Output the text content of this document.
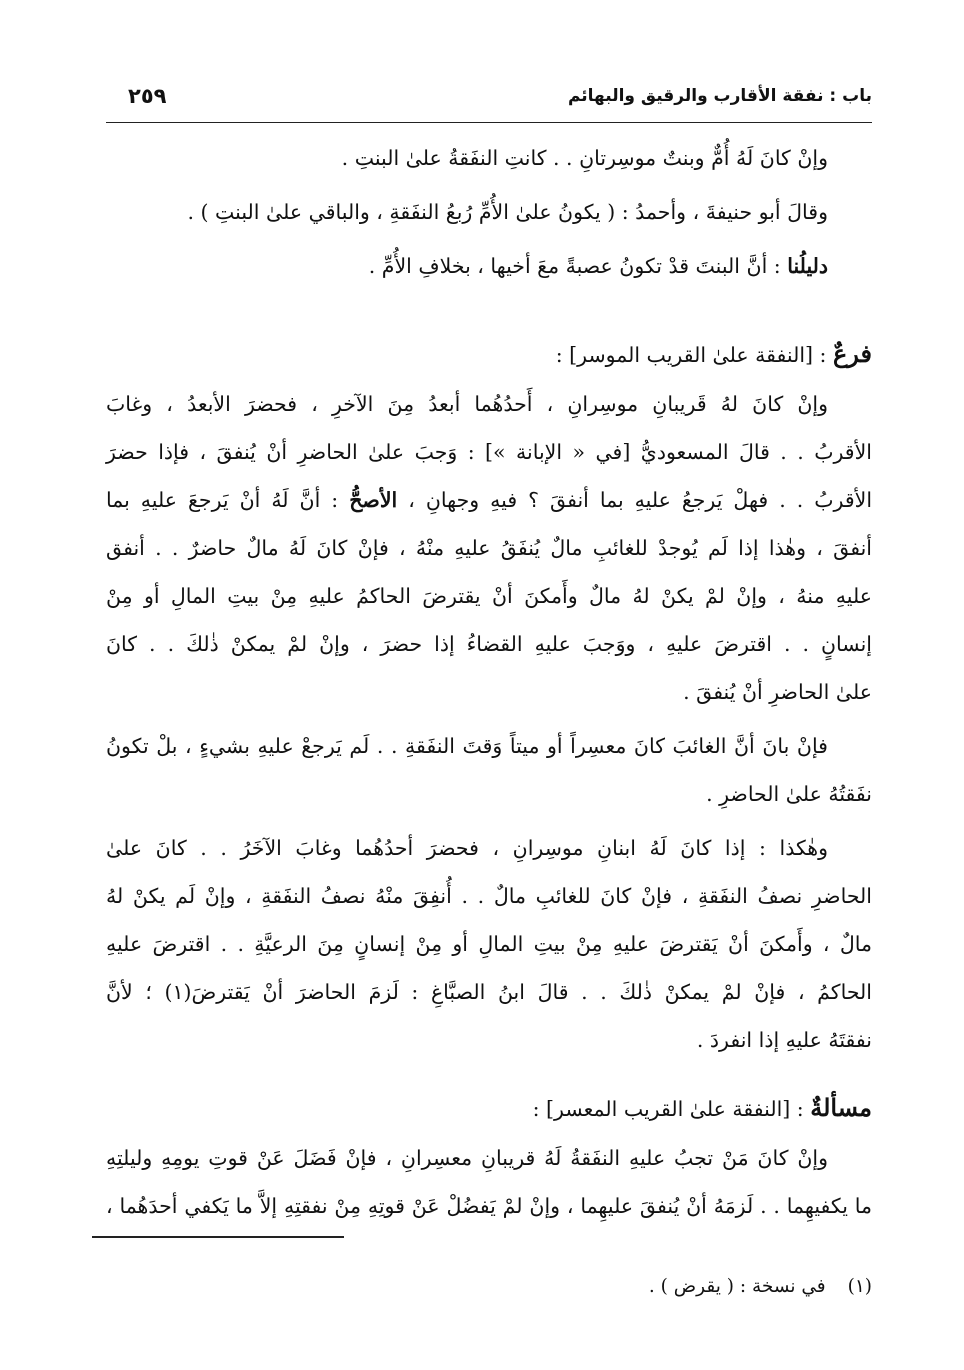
باب : نفقة الأقارب والرقيق والبهائم
٢٥٩
وإنْ كانَ لَهُ أُمٌّ وبنتٌ موسِرتانِ . . كانتِ النفَقةُ علىٰ البنتِ .
وقالَ أبو حنيفةَ ، وأحمدُ : ( يكونُ علىٰ الأُمِّ رُبعُ النفَقةِ ، والباقي علىٰ البنتِ ) .
دليلُنا : أنَّ البنتَ قدْ تكونُ عصبةً معَ أخيها ، بخلافِ الأُمِّ .
فرعٌ : [النفقة علىٰ القريب الموسر] :
وإنْ كانَ لهُ قَريبانِ موسِرانِ ، أَحدُهُما أبعدُ مِنَ الآخرِ ، فحضرَ الأبعدُ ، وغابَ
الأقربُ . . قالَ المسعوديُّ [في « الإبانة »] : وَجبَ علىٰ الحاضرِ أنْ يُنفقَ ، فإذا حضرَ
الأقربُ . . فهلْ يَرجعُ عليهِ بما أنفقَ ؟ فيهِ وجهانِ ، الأصحُّ : أنَّ لَهُ أنْ يَرجعَ عليهِ بما
أنفقَ ، وهٰذا إذا لَم يُوجدْ للغائبِ مالٌ يُنفَقُ عليهِ منْهُ ، فإنْ كانَ لَهُ مالٌ حاضرٌ . . أنفق
عليهِ منهُ ، وإنْ لمْ يكنْ لهُ مالٌ وأَمكنَ أنْ يقترضَ الحاكمُ عليهِ مِنْ بيتِ المالِ أو مِنْ
إنسانٍ . . اقترضَ عليهِ ، ووَجبَ عليهِ القضاءُ إذا حضرَ ، وإنْ لمْ يمكنْ ذٰلكَ . . كانَ
علىٰ الحاضرِ أنْ يُنفقَ .
فإنْ بانَ أنَّ الغائبَ كانَ معسِراً أو ميتاً وَقتَ النفَقةِ . . لَم يَرجعْ عليهِ بشيءٍ ، بلْ تكونُ
نفَقتُهُ علىٰ الحاضرِ .
وهٰكذا : إذا كانَ لَهُ ابنانِ موسِرانِ ، فحضرَ أحدُهُما وغابَ الآخَرُ . . كانَ علىٰ
الحاضرِ نصفُ النفَقةِ ، فإنْ كانَ للغائبِ مالٌ . . أُنفِقَ منْهُ نصفُ النفَقةِ ، وإنْ لَم يكنْ لهُ
مالٌ ، وأَمكنَ أنْ يَقترضَ عليهِ مِنْ بيتِ المالِ أو مِنْ إنسانٍ مِنَ الرعيَّةِ . . اقترضَ عليهِ
الحاكمُ ، فإنْ لمْ يمكنْ ذٰلكَ . . قالَ ابنُ الصبَّاغِ : لَزمَ الحاضرَ أنْ يَقترضَ(١) ؛ لأنَّ
نفقتَهُ عليهِ إذا انفردَ .
مسألةٌ : [النفقة علىٰ القريب المعسر] :
وإنْ كانَ مَنْ تجبُ عليهِ النفَقةُ لَهُ قريبانِ معسِرانِ ، فإنْ فَضَلَ عَنْ قوتِ يومِهِ وليلتِهِ
ما يكفيهِما . . لَزمَهُ أنْ يُنفقَ عليهِما ، وإنْ لمْ يَفضُلْ عَنْ قوتِهِ مِنْ نفقتِهِ إلاَّ ما يَكفي أحدَهُما ،
(١)في نسخة : ( يقرض ) .
